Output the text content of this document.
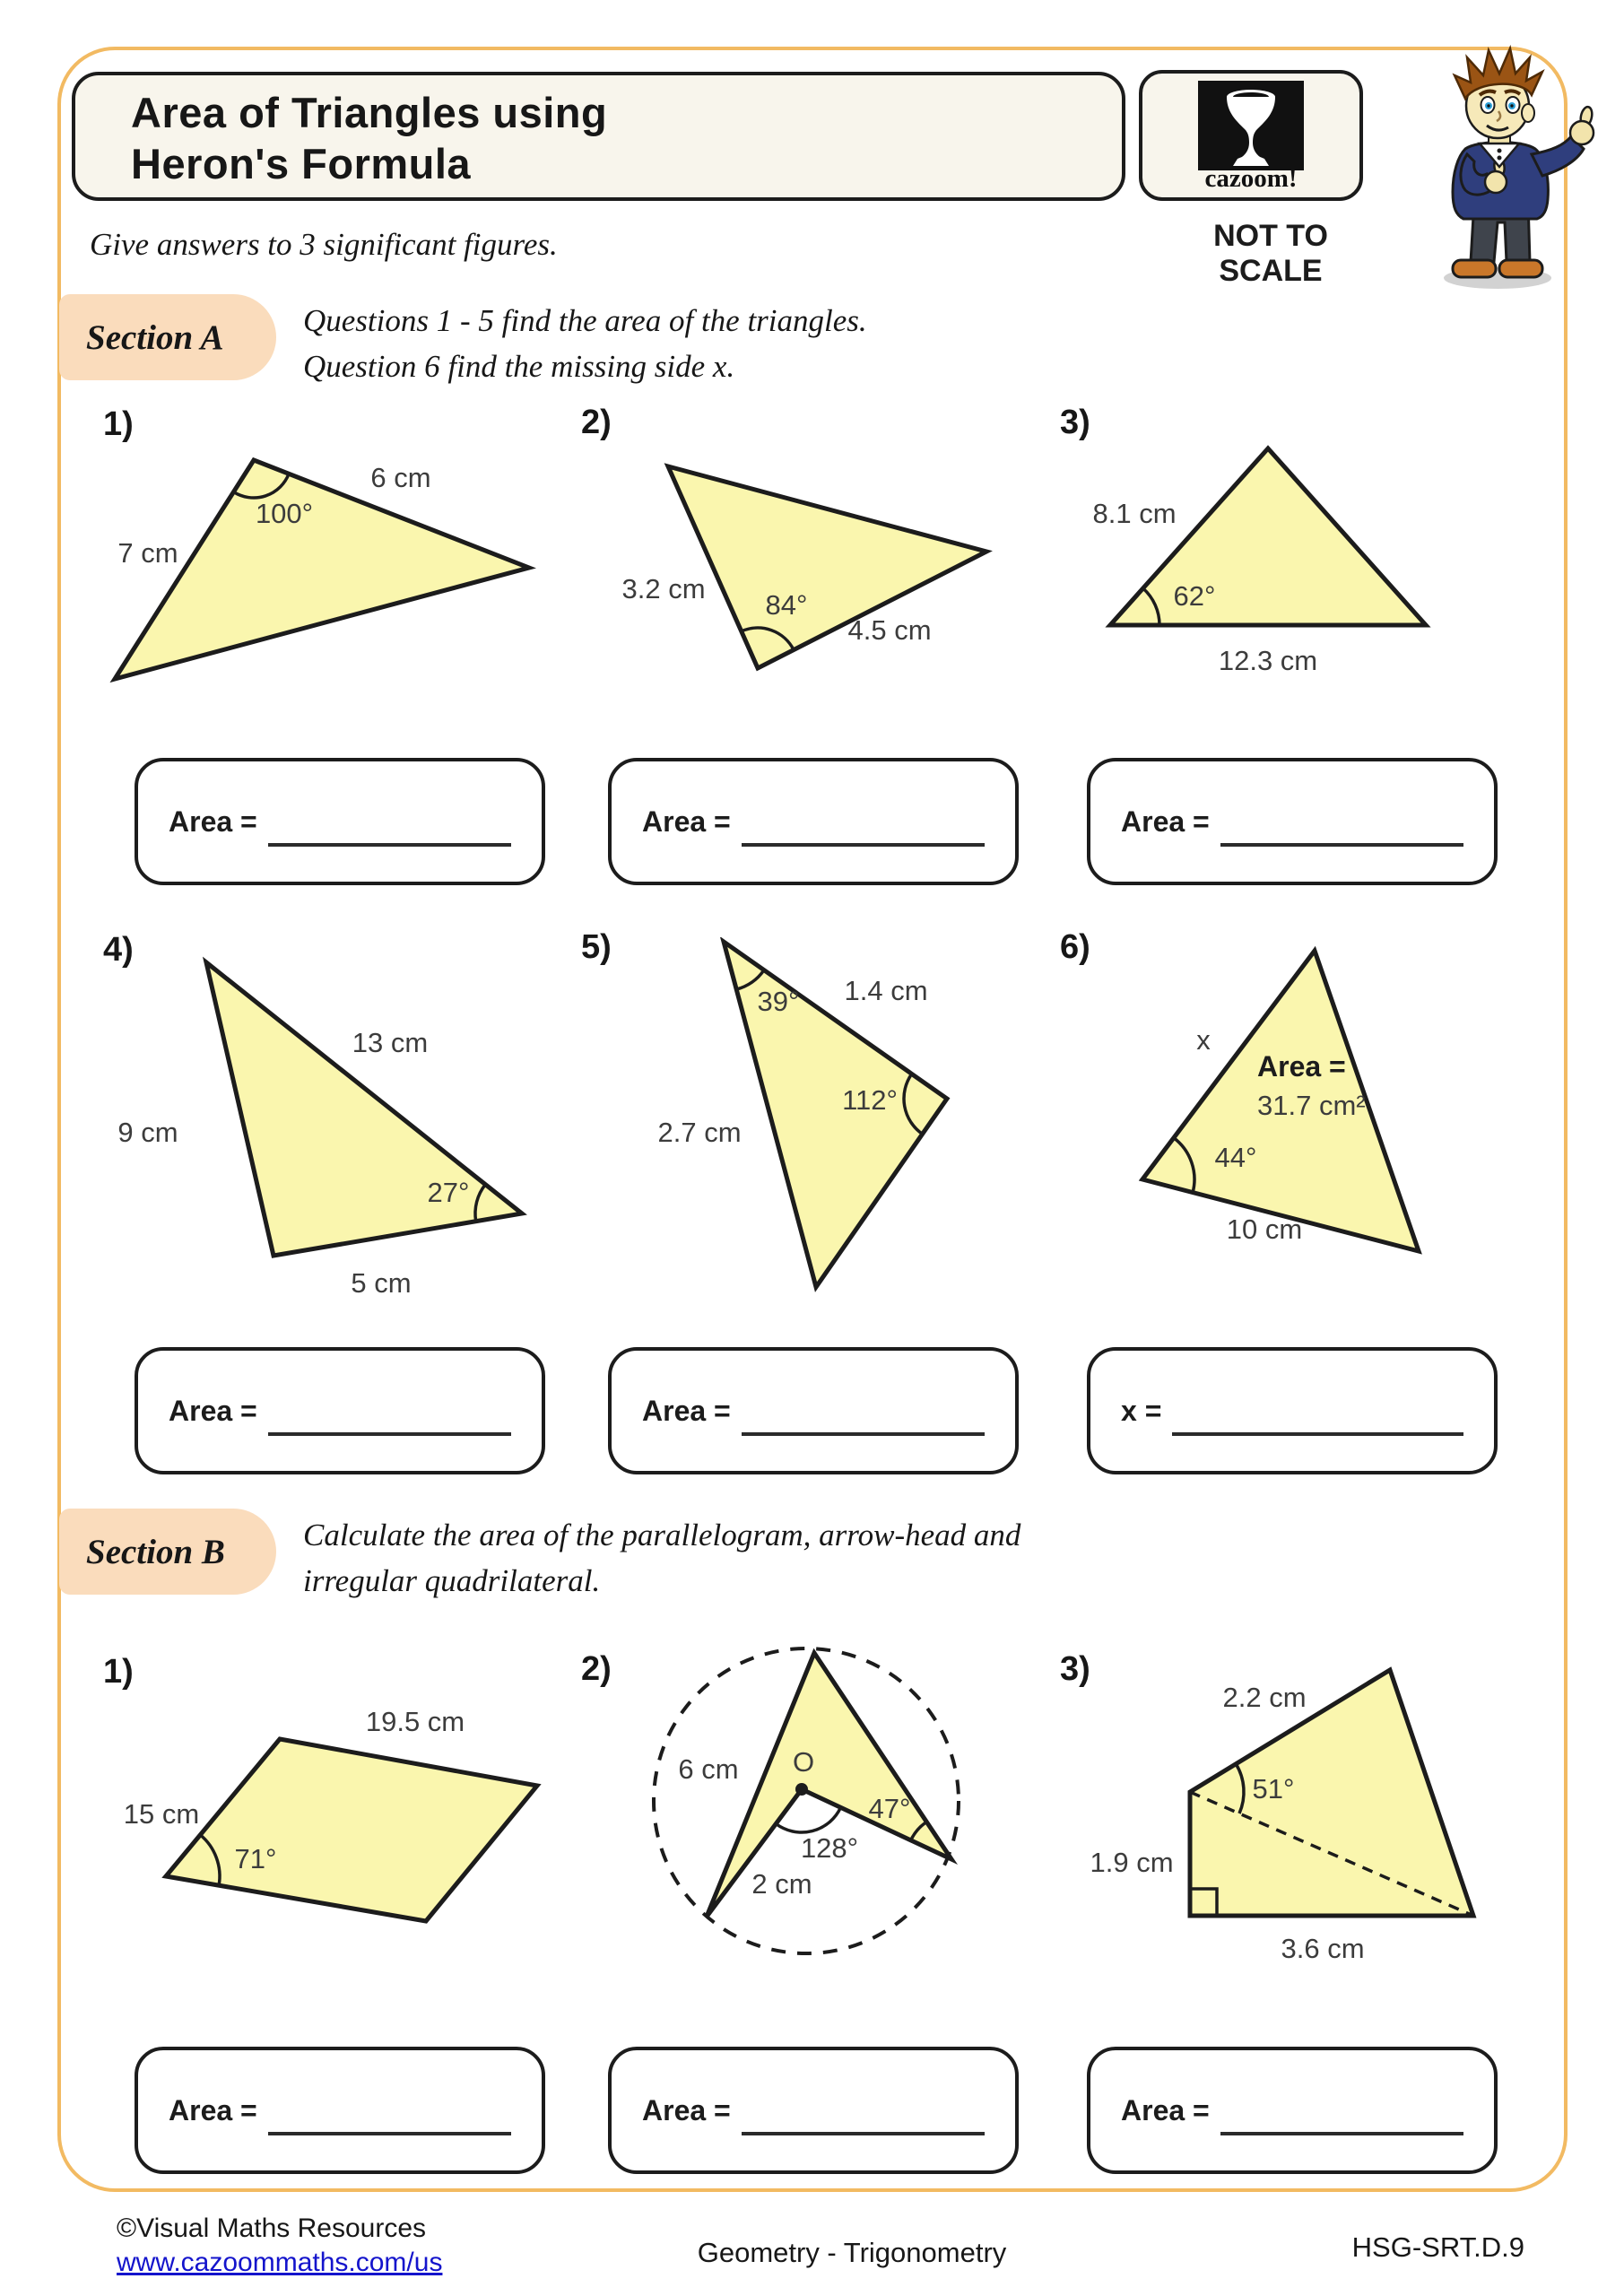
Area of Triangles using
Heron's Formula	cazoom!
NOT TO
SCALE
Give answers to 3 significant figures.
Section A	Questions 1 - 5 find the area of the triangles.
Question 6 find the missing side x.
1)	2)	3)
6 cm
100°
7 cm
3.2 cm
84°
4.5 cm
8.1 cm
62°
12.3 cm
Area =	Area =	Area =
4)	5)	6)
13 cm
9 cm
27°
5 cm
39° 1.4 cm
112°
2.7 cm
x
Area =
31.7 cm²
44°
10 cm
Area =	Area =	x =
Section B Calculate the area of the parallelogram, arrow-head and
irregular quadrilateral.
1)	2)	3)
19.5 cm
15 cm
71°
6 cm O
47°
128°
2 cm
2.2 cm
51°
1.9 cm
3.6 cm
Area =	Area =	Area =
©Visual Maths Resources
www.cazoommaths.com/us	Geometry - Trigonometry	HSG-SRT.D.9
